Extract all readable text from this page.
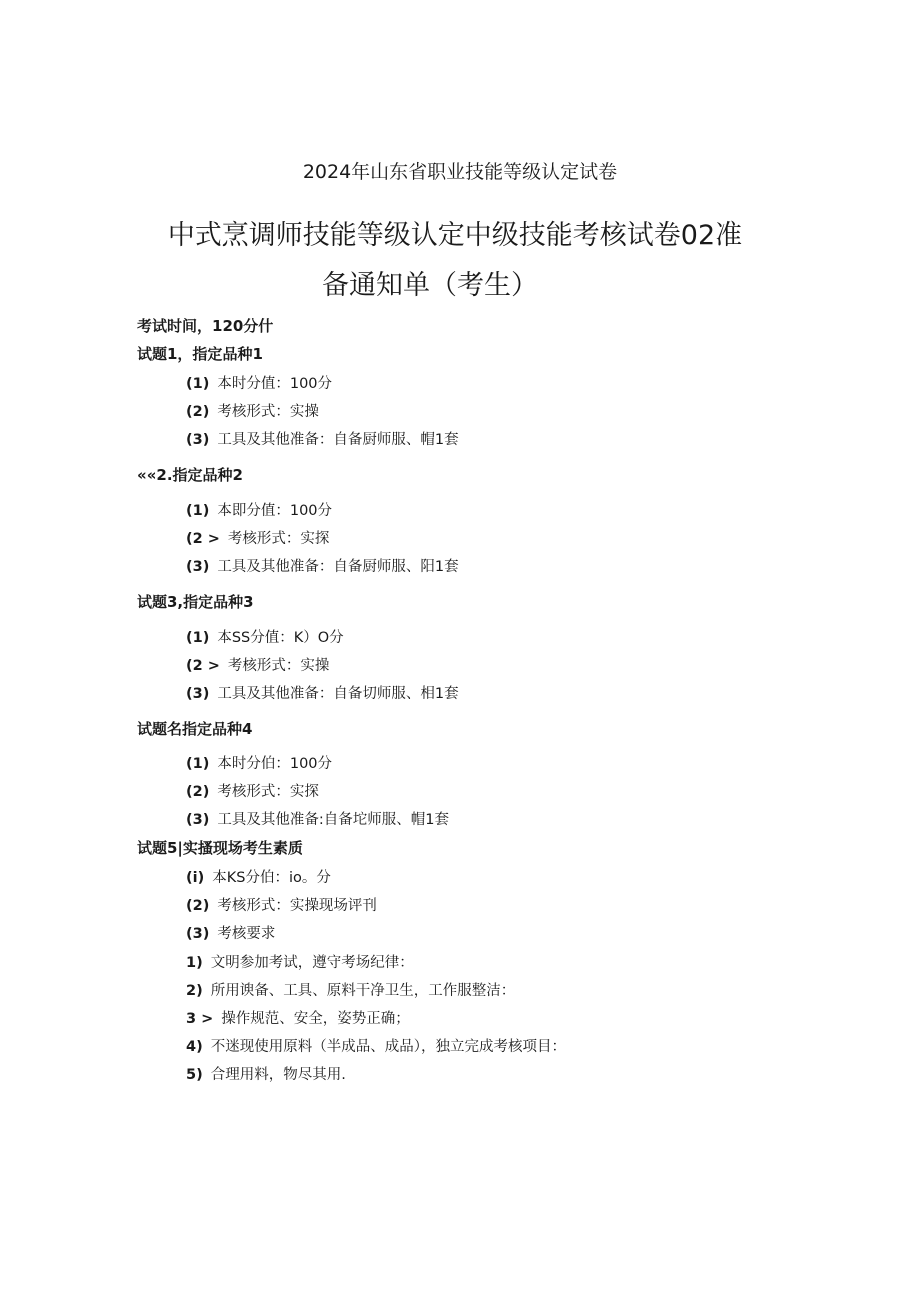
2024年山东省职业技能等级认定试卷
中式烹调师技能等级认定中级技能考核试卷02准
备通知单（考生）
考试时间，120分什
试题1，指定品种1
(1) 本时分值：100分
(2) 考核形式：实操
(3) 工具及其他准备：自备厨师服、帽1套
««2.指定品种2
(1) 本即分值：100分
(2 > 考核形式：实探
(3) 工具及其他准备：自备厨师服、阳1套
试题3,指定品种3
(1) 本SS分值：K）O分
(2 > 考核形式：实操
(3) 工具及其他准备：自备切师服、相1套
试题名指定品种4
(1) 本时分伯：100分
(2) 考核形式：实探
(3) 工具及其他准备:自备坨师服、帽1套
试题5|实搔现场考生素质
(i) 本KS分伯：io。分
(2) 考核形式：实操现场评刊
(3) 考核要求
1) 文明参加考试，遵守考场纪律：
2) 所用谀备、工具、原料干净卫生，工作服整洁：
3 > 操作规范、安全，姿势正确；
4) 不迷现使用原料（半成品、成品），独立完成考核项目：
5) 合理用料，物尽其用.
